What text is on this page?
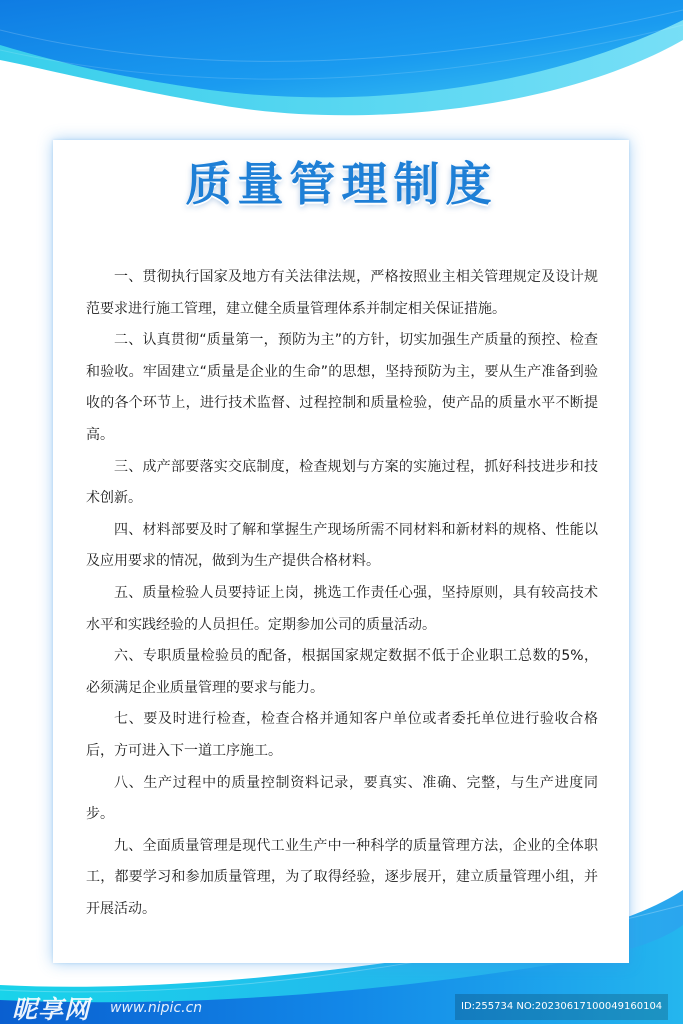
质量管理制度

一、贯彻执行国家及地方有关法律法规，严格按照业主相关管理规定及设计规范要求进行施工管理，建立健全质量管理体系并制定相关保证措施。

二、认真贯彻“质量第一，预防为主”的方针，切实加强生产质量的预控、检查和验收。牢固建立“质量是企业的生命”的思想，坚持预防为主，要从生产准备到验收的各个环节上，进行技术监督、过程控制和质量检验，使产品的质量水平不断提高。

三、成产部要落实交底制度，检查规划与方案的实施过程，抓好科技进步和技术创新。

四、材料部要及时了解和掌握生产现场所需不同材料和新材料的规格、性能以及应用要求的情况，做到为生产提供合格材料。

五、质量检验人员要持证上岗，挑选工作责任心强，坚持原则，具有较高技术水平和实践经验的人员担任。定期参加公司的质量活动。

六、专职质量检验员的配备，根据国家规定数据不低于企业职工总数的5%，必须满足企业质量管理的要求与能力。

七、要及时进行检查，检查合格并通知客户单位或者委托单位进行验收合格后，方可进入下一道工序施工。

八、生产过程中的质量控制资料记录，要真实、准确、完整，与生产进度同步。

九、全面质量管理是现代工业生产中一种科学的质量管理方法，企业的全体职工，都要学习和参加质量管理，为了取得经验，逐步展开，建立质量管理小组，并开展活动。

昵享网 www.nipic.cn	ID:255734 NO:20230617100049160104
